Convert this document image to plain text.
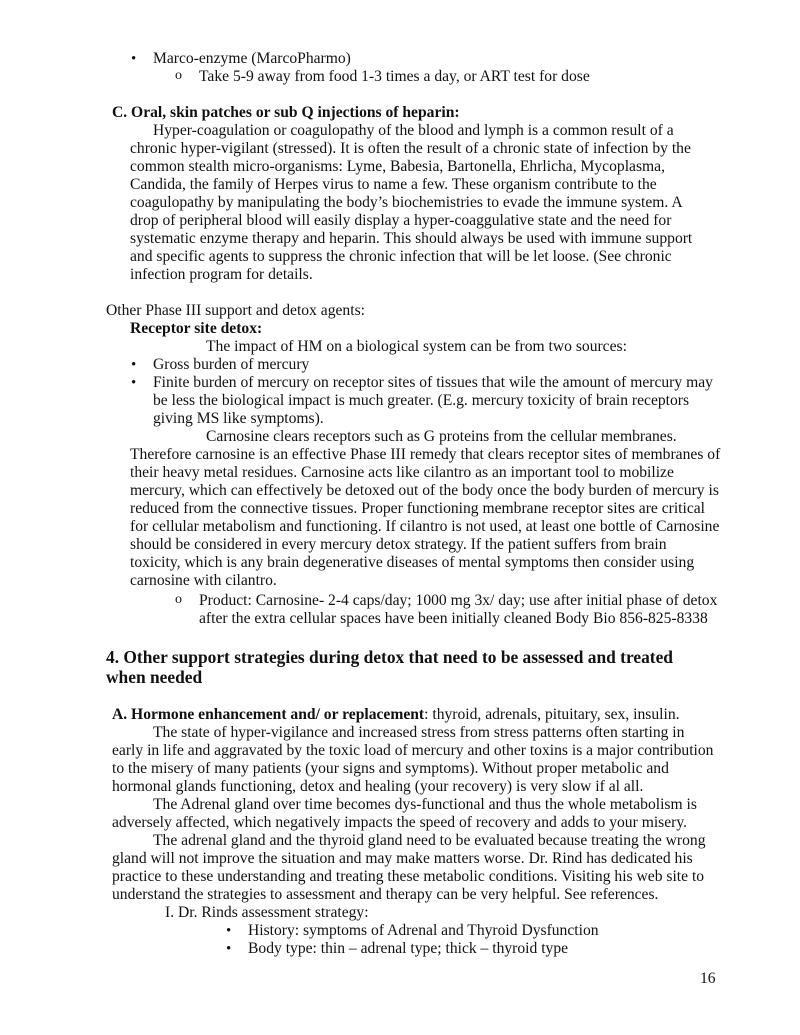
• Marco-enzyme (MarcoPharmo)
o Take 5-9 away from food 1-3 times a day, or ART test for dose
C. Oral, skin patches or sub Q injections of heparin:
Hyper-coagulation or coagulopathy of the blood and lymph is a common result of a
chronic hyper-vigilant (stressed). It is often the result of a chronic state of infection by the
common stealth micro-organisms: Lyme, Babesia, Bartonella, Ehrlicha, Mycoplasma,
Candida, the family of Herpes virus to name a few. These organism contribute to the
coagulopathy by manipulating the body’s biochemistries to evade the immune system. A
drop of peripheral blood will easily display a hyper-coaggulative state and the need for
systematic enzyme therapy and heparin. This should always be used with immune support
and specific agents to suppress the chronic infection that will be let loose. (See chronic
infection program for details.
Other Phase III support and detox agents:
Receptor site detox:
The impact of HM on a biological system can be from two sources:
• Gross burden of mercury
• Finite burden of mercury on receptor sites of tissues that wile the amount of mercury may
be less the biological impact is much greater. (E.g. mercury toxicity of brain receptors
giving MS like symptoms).
Carnosine clears receptors such as G proteins from the cellular membranes.
Therefore carnosine is an effective Phase III remedy that clears receptor sites of membranes of
their heavy metal residues. Carnosine acts like cilantro as an important tool to mobilize
mercury, which can effectively be detoxed out of the body once the body burden of mercury is
reduced from the connective tissues. Proper functioning membrane receptor sites are critical
for cellular metabolism and functioning. If cilantro is not used, at least one bottle of Carnosine
should be considered in every mercury detox strategy. If the patient suffers from brain
toxicity, which is any brain degenerative diseases of mental symptoms then consider using
carnosine with cilantro.
o Product: Carnosine- 2-4 caps/day; 1000 mg 3x/ day; use after initial phase of detox
after the extra cellular spaces have been initially cleaned Body Bio 856-825-8338
4. Other support strategies during detox that need to be assessed and treated
when needed
A. Hormone enhancement and/ or replacement: thyroid, adrenals, pituitary, sex, insulin.
The state of hyper-vigilance and increased stress from stress patterns often starting in
early in life and aggravated by the toxic load of mercury and other toxins is a major contribution
to the misery of many patients (your signs and symptoms). Without proper metabolic and
hormonal glands functioning, detox and healing (your recovery) is very slow if al all.
The Adrenal gland over time becomes dys-functional and thus the whole metabolism is
adversely affected, which negatively impacts the speed of recovery and adds to your misery.
The adrenal gland and the thyroid gland need to be evaluated because treating the wrong
gland will not improve the situation and may make matters worse. Dr. Rind has dedicated his
practice to these understanding and treating these metabolic conditions. Visiting his web site to
understand the strategies to assessment and therapy can be very helpful. See references.
I. Dr. Rinds assessment strategy:
• History: symptoms of Adrenal and Thyroid Dysfunction
• Body type: thin – adrenal type; thick – thyroid type
16
